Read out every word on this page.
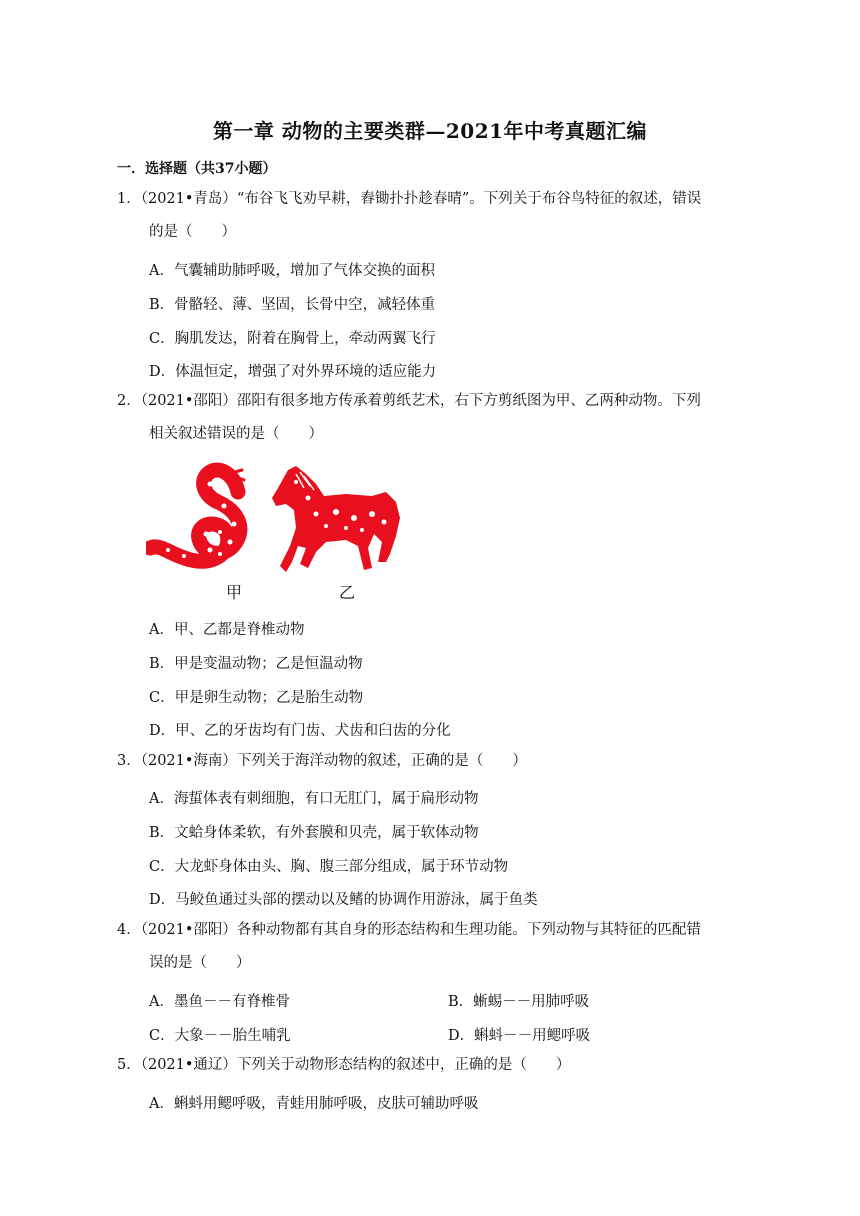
第一章 动物的主要类群—2021年中考真题汇编
一．选择题（共37小题）
1．（2021•青岛）“布谷飞飞劝早耕，舂锄扑扑趁春晴”。下列关于布谷鸟特征的叙述，错误
的是（　　）
A．气囊辅助肺呼吸，增加了气体交换的面积
B．骨骼轻、薄、坚固，长骨中空，减轻体重
C．胸肌发达，附着在胸骨上，牵动两翼飞行
D．体温恒定，增强了对外界环境的适应能力
2．（2021•邵阳）邵阳有很多地方传承着剪纸艺术，右下方剪纸图为甲、乙两种动物。下列
相关叙述错误的是（　　）
甲	乙
A．甲、乙都是脊椎动物
B．甲是变温动物；乙是恒温动物
C．甲是卵生动物；乙是胎生动物
D．甲、乙的牙齿均有门齿、犬齿和臼齿的分化
3．（2021•海南）下列关于海洋动物的叙述，正确的是（　　）
A．海蜇体表有刺细胞，有口无肛门，属于扁形动物
B．文蛤身体柔软，有外套膜和贝壳，属于软体动物
C．大龙虾身体由头、胸、腹三部分组成，属于环节动物
D．马鲛鱼通过头部的摆动以及鳍的协调作用游泳，属于鱼类
4．（2021•邵阳）各种动物都有其自身的形态结构和生理功能。下列动物与其特征的匹配错
误的是（　　）
A．墨鱼－－有脊椎骨	B．蜥蜴－－用肺呼吸
C．大象－－胎生哺乳	D．蝌蚪－－用鳃呼吸
5．（2021•通辽）下列关于动物形态结构的叙述中，正确的是（　　）
A．蝌蚪用鳃呼吸，青蛙用肺呼吸，皮肤可辅助呼吸
